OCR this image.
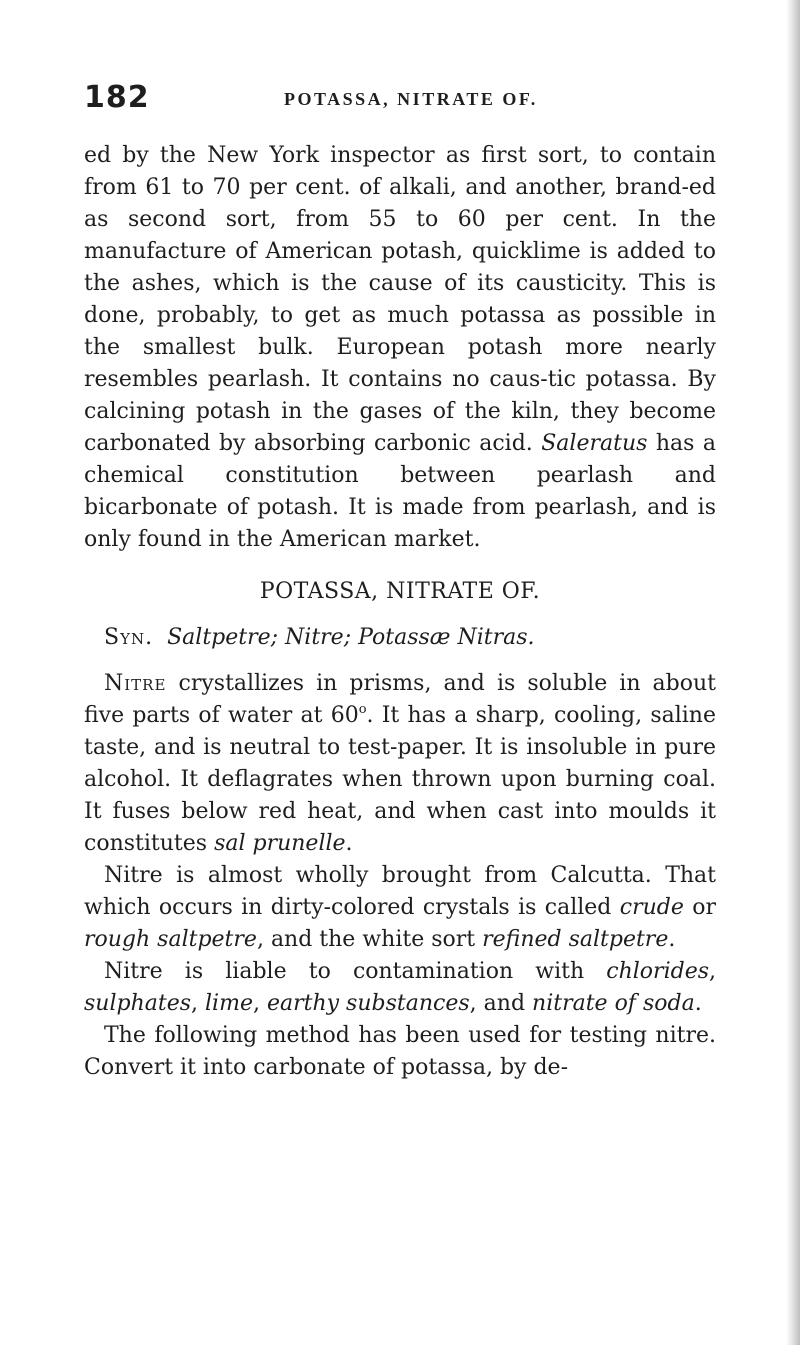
182	POTASSA, NITRATE OF.

ed by the New York inspector as first sort, to contain from 61 to 70 per cent. of alkali, and another, brand-ed as second sort, from 55 to 60 per cent. In the manufacture of American potash, quicklime is added to the ashes, which is the cause of its causticity. This is done, probably, to get as much potassa as possible in the smallest bulk. European potash more nearly resembles pearlash. It contains no caus-tic potassa. By calcining potash in the gases of the kiln, they become carbonated by absorbing carbonic acid. Saleratus has a chemical constitution between pearlash and bicarbonate of potash. It is made from pearlash, and is only found in the American market.

POTASSA, NITRATE OF.

Syn. Saltpetre; Nitre; Potassæ Nitras.

Nitre crystallizes in prisms, and is soluble in about five parts of water at 60$^o$. It has a sharp, cooling, saline taste, and is neutral to test-paper. It is insoluble in pure alcohol. It deflagrates when thrown upon burning coal. It fuses below red heat, and when cast into moulds it constitutes sal prunelle.

Nitre is almost wholly brought from Calcutta. That which occurs in dirty-colored crystals is called crude or rough saltpetre, and the white sort refined saltpetre.

Nitre is liable to contamination with chlorides, sulphates, lime, earthy substances, and nitrate of soda.

The following method has been used for testing nitre. Convert it into carbonate of potassa, by de-
